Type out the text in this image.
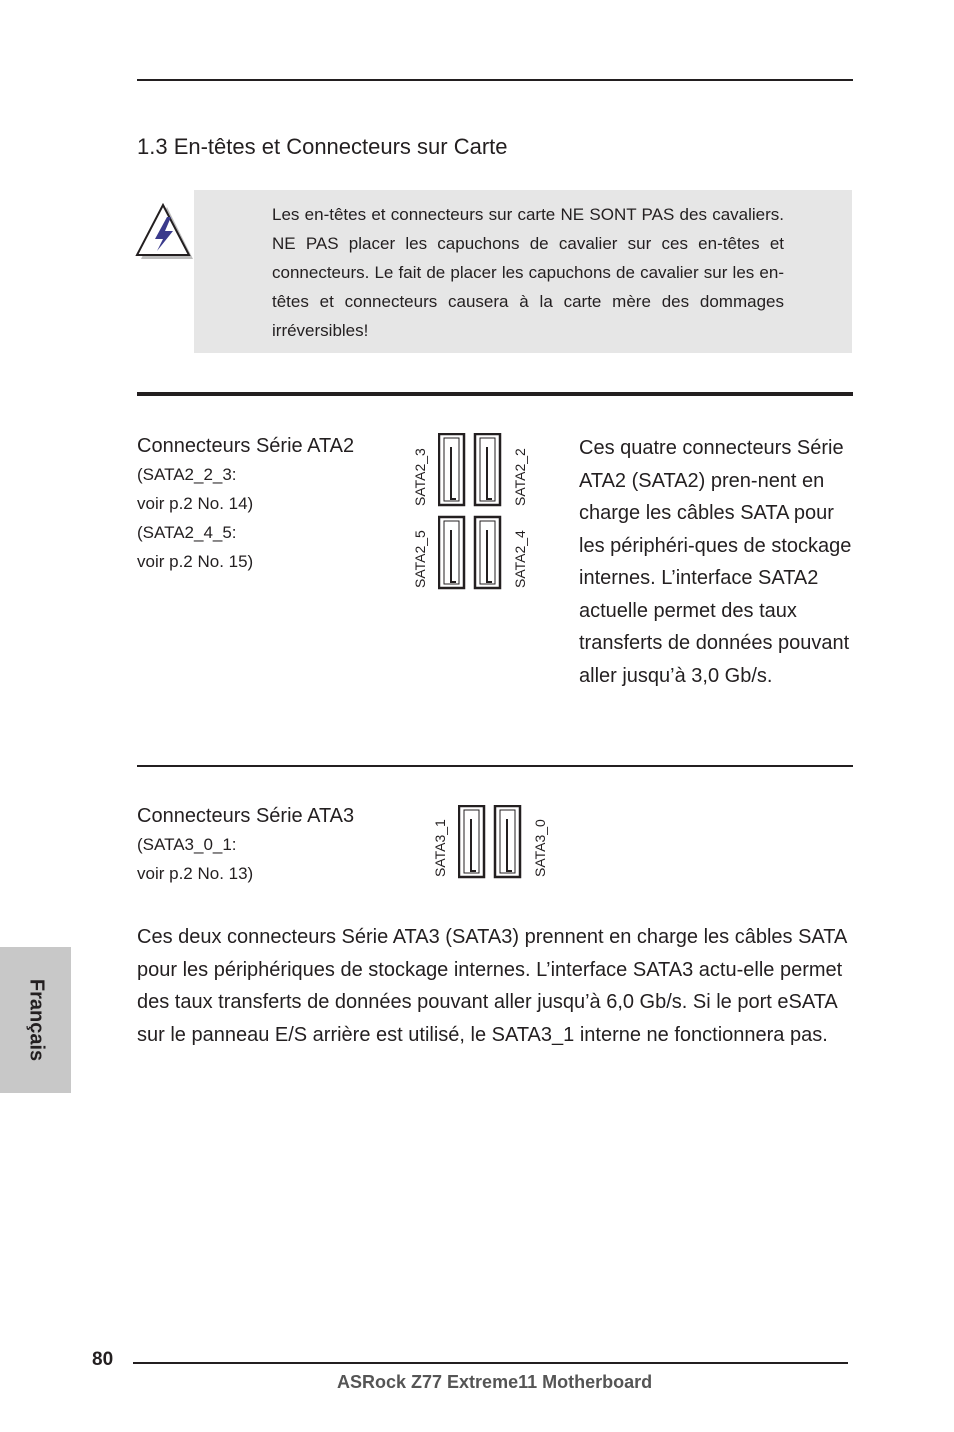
1.3 En-têtes et Connecteurs sur Carte

Les en-têtes et connecteurs sur carte NE SONT PAS des cavaliers. NE PAS placer les capuchons de cavalier sur ces en-têtes et connecteurs. Le fait de placer les capuchons de cavalier sur les en-têtes et connecteurs causera à la carte mère des dommages irréversibles!

Connecteurs Série ATA2

(SATA2_2_3:

voir p.2 No. 14)

(SATA2_4_5:

voir p.2 No. 15)

SATA2_3
SATA2_5
SATA2_2
SATA2_4

Ces quatre connecteurs Série ATA2 (SATA2) pren-nent en charge les câbles SATA pour les périphéri-ques de stockage internes. L’interface SATA2 actuelle permet des taux transferts de données pouvant aller jusqu’à 3,0 Gb/s.

Connecteurs Série ATA3

(SATA3_0_1:

voir p.2 No. 13)	SATA3_1	SATA3_0

Ces deux connecteurs Série ATA3 (SATA3) prennent en charge les câbles SATA pour les périphériques de stockage internes. L’interface SATA3 actu-elle permet des taux transferts de données pouvant aller jusqu’à 6,0 Gb/s. Si le port eSATA sur le panneau E/S arrière est utilisé, le SATA3_1 interne ne fonctionnera pas.

Français
80
ASRock Z77 Extreme11 Motherboard
